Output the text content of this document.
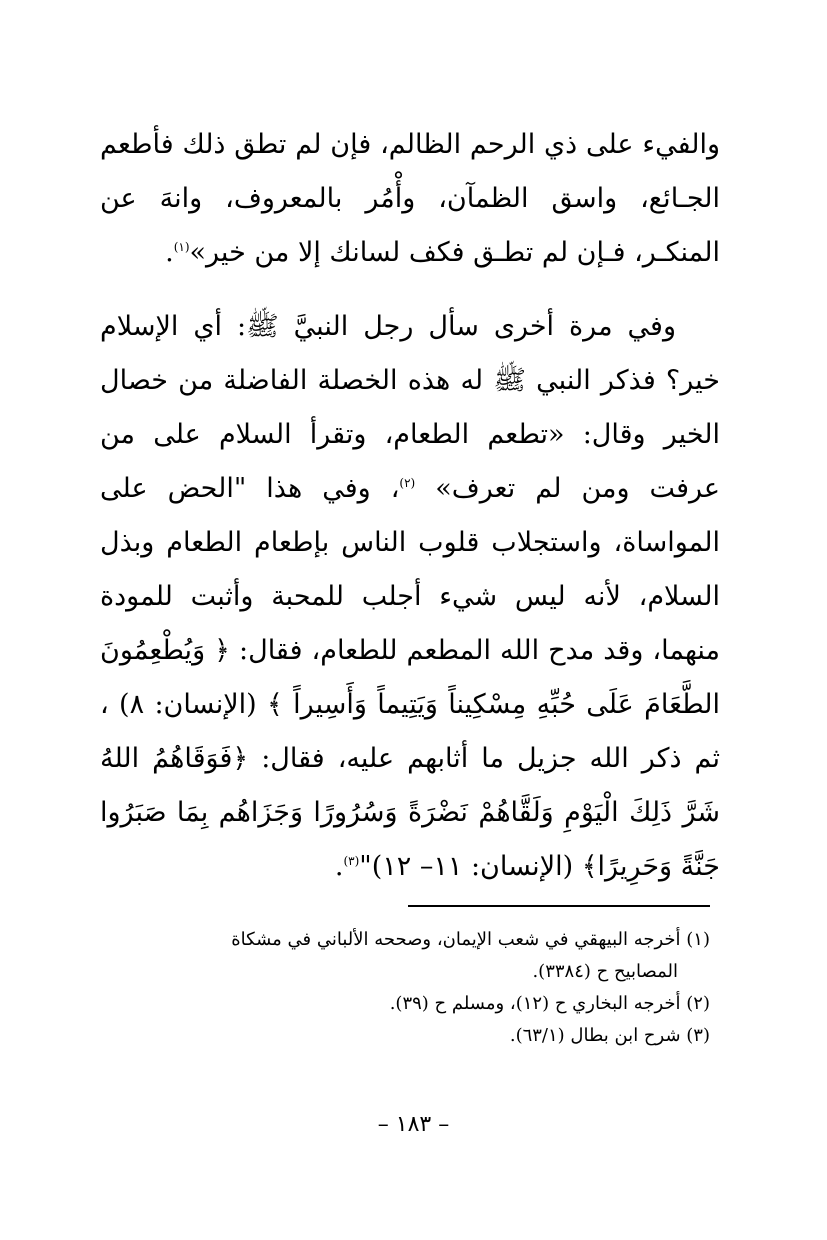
والفيء على ذي الرحم الظالم، فإن لم تطق ذلك فأطعم الجـائع، واسق الظمآن، وأْمُر بالمعروف، وانهَ عن المنكـر، فـإن لم تطـق فكف لسانك إلا من خير»$^{(١)}$.

وفي مرة أخرى سأل رجل النبيَّ ﷺ: أي الإسلام خير؟ فذكر النبي ﷺ له هذه الخصلة الفاضلة من خصال الخير وقال: «تطعم الطعام، وتقرأ السلام على من عرفت ومن لم تعرف» $^{(٢)}$، وفي هذا "الحض على المواساة، واستجلاب قلوب الناس بإطعام الطعام وبذل السلام، لأنه ليس شيء أجلب للمحبة وأثبت للمودة منهما، وقد مدح الله المطعم للطعام، فقال: ﴿ وَيُطْعِمُونَ الطَّعَامَ عَلَى حُبِّهِ مِسْكِيناً وَيَتِيماً وَأَسِيراً ﴾ (الإنسان: ٨) ، ثم ذكر الله جزيل ما أثابهم عليه، فقال: ﴿فَوَقَاهُمُ اللهُ شَرَّ ذَلِكَ الْيَوْمِ وَلَقَّاهُمْ نَضْرَةً وَسُرُورًا وَجَزَاهُم بِمَا صَبَرُوا جَنَّةً وَحَرِيرًا﴾ (الإنسان: ١١– ١٢)"$^{(٣)}$.

(١) أخرجه البيهقي في شعب الإيمان، وصححه الألباني في مشكاة

المصابيح ح (٣٣٨٤).

(٢) أخرجه البخاري ح (١٢)، ومسلم ح (٣٩).

(٣) شرح ابن بطال (٦٣/١).

– ١٨٣ –
